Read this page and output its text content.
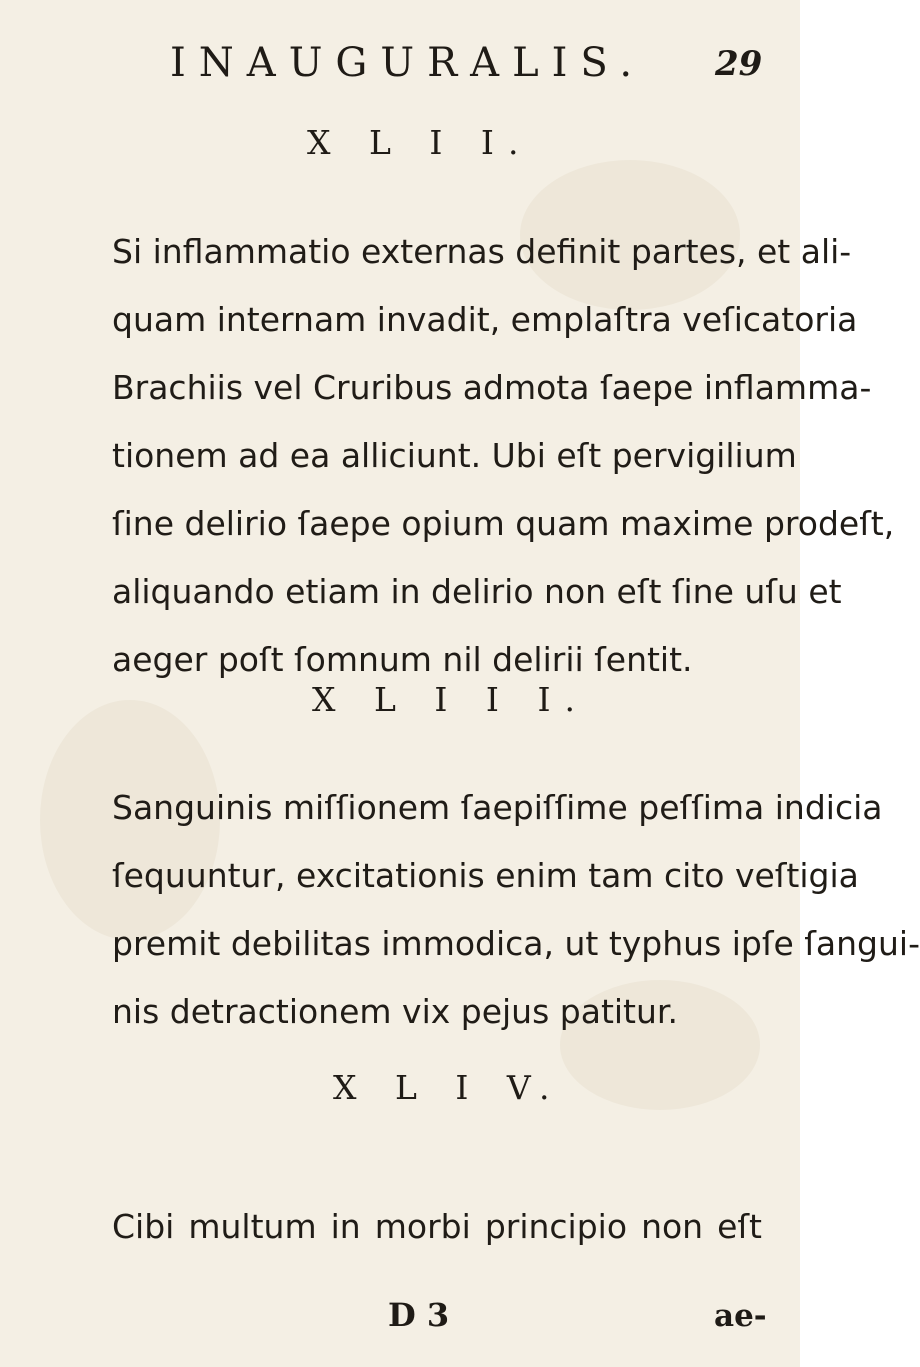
INAUGURALIS. 29
X L I I.
Si inflammatio externas definit partes, et ali-
quam internam invadit, emplaſtra veſicatoria
Brachiis vel Cruribus admota ſaepe inflamma-
tionem ad ea alliciunt. Ubi eſt pervigilium
ſine delirio ſaepe opium quam maxime prodeſt,
aliquando etiam in delirio non eſt ſine uſu et
aeger poſt ſomnum nil delirii ſentit.
X L I I I.
Sanguinis miſſionem ſaepiſſime peſſima indicia
ſequuntur, excitationis enim tam cito veſtigia
premit debilitas immodica, ut typhus ipſe ſangui-
nis detractionem vix pejus patitur.
X L I V.
Cibi multum in morbi principio non eſt
D 3	ae-
